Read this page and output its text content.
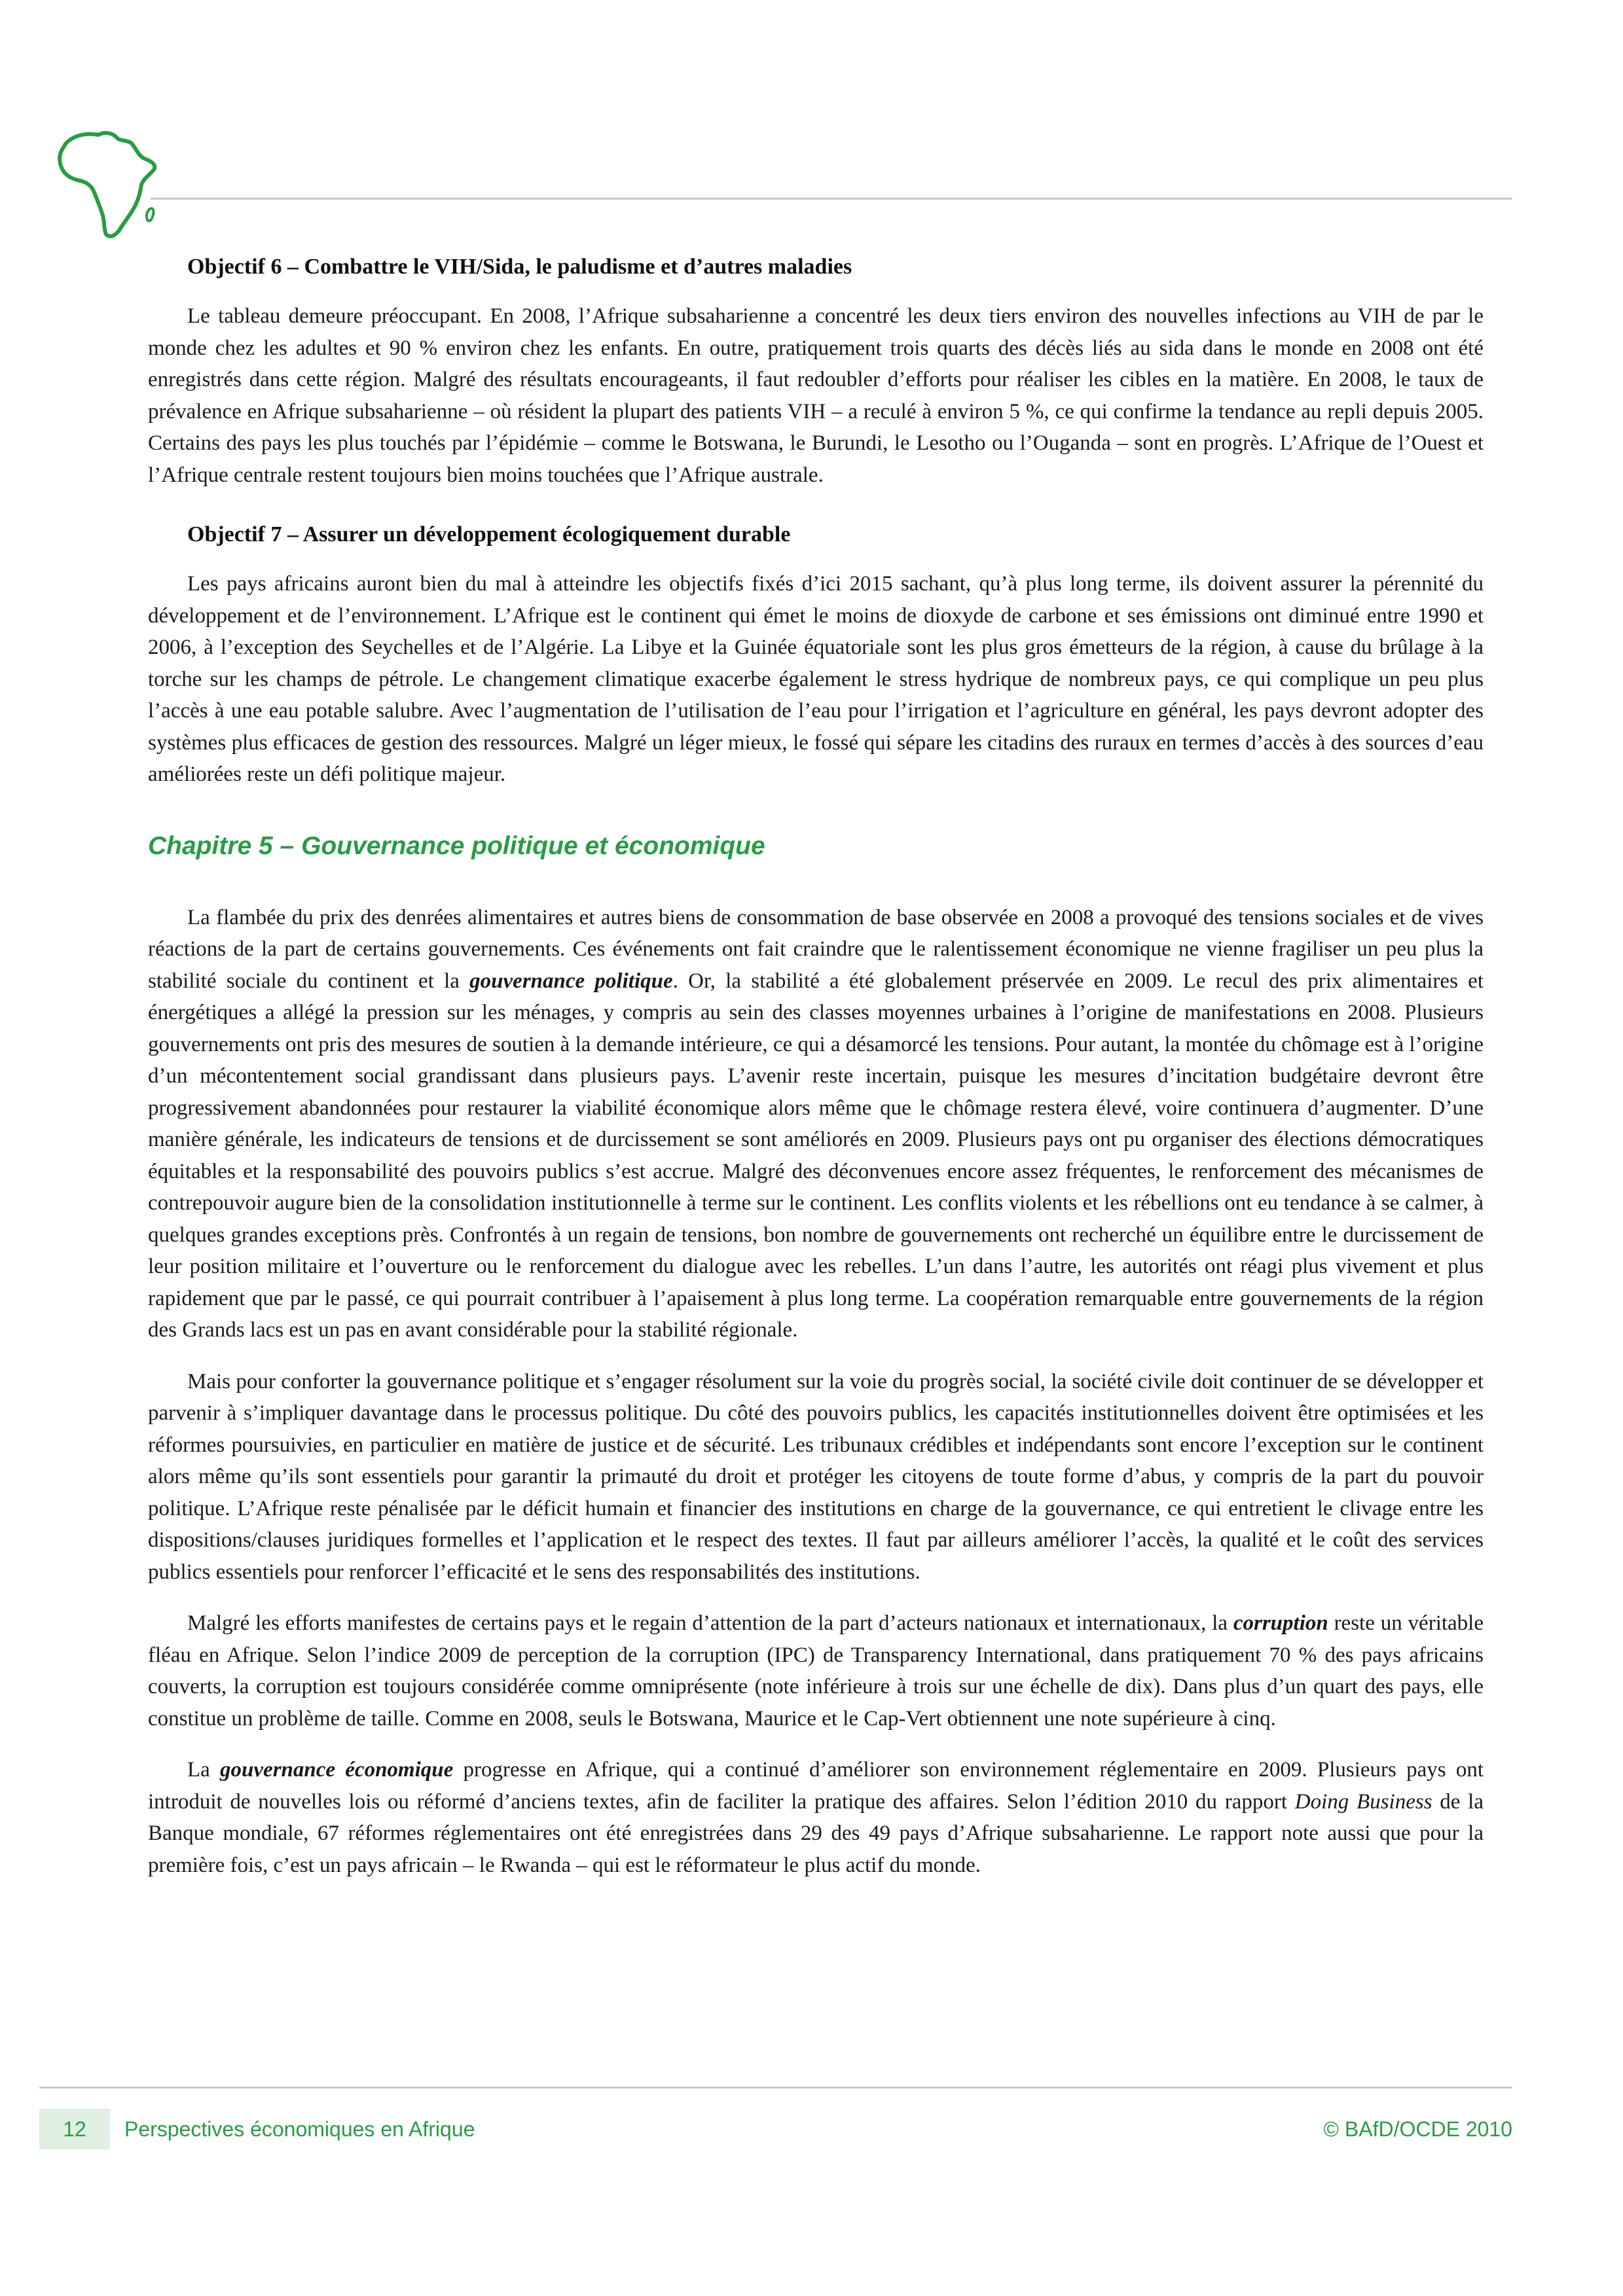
Objectif 6 – Combattre le VIH/Sida, le paludisme et d’autres maladies

Le tableau demeure préoccupant. En 2008, l’Afrique subsaharienne a concentré les deux tiers environ des nouvelles infections au VIH de par le monde chez les adultes et 90 % environ chez les enfants. En outre, pratiquement trois quarts des décès liés au sida dans le monde en 2008 ont été enregistrés dans cette région. Malgré des résultats encourageants, il faut redoubler d’efforts pour réaliser les cibles en la matière. En 2008, le taux de prévalence en Afrique subsaharienne – où résident la plupart des patients VIH – a reculé à environ 5 %, ce qui confirme la tendance au repli depuis 2005. Certains des pays les plus touchés par l’épidémie – comme le Botswana, le Burundi, le Lesotho ou l’Ouganda – sont en progrès. L’Afrique de l’Ouest et l’Afrique centrale restent toujours bien moins touchées que l’Afrique australe.

Objectif 7 – Assurer un développement écologiquement durable

Les pays africains auront bien du mal à atteindre les objectifs fixés d’ici 2015 sachant, qu’à plus long terme, ils doivent assurer la pérennité du développement et de l’environnement. L’Afrique est le continent qui émet le moins de dioxyde de carbone et ses émissions ont diminué entre 1990 et 2006, à l’exception des Seychelles et de l’Algérie. La Libye et la Guinée équatoriale sont les plus gros émetteurs de la région, à cause du brûlage à la torche sur les champs de pétrole. Le changement climatique exacerbe également le stress hydrique de nombreux pays, ce qui complique un peu plus l’accès à une eau potable salubre. Avec l’augmentation de l’utilisation de l’eau pour l’irrigation et l’agriculture en général, les pays devront adopter des systèmes plus efficaces de gestion des ressources. Malgré un léger mieux, le fossé qui sépare les citadins des ruraux en termes d’accès à des sources d’eau améliorées reste un défi politique majeur.

Chapitre 5 – Gouvernance politique et économique

La flambée du prix des denrées alimentaires et autres biens de consommation de base observée en 2008 a provoqué des tensions sociales et de vives réactions de la part de certains gouvernements. Ces événements ont fait craindre que le ralentissement économique ne vienne fragiliser un peu plus la stabilité sociale du continent et la gouvernance politique. Or, la stabilité a été globalement préservée en 2009. Le recul des prix alimentaires et énergétiques a allégé la pression sur les ménages, y compris au sein des classes moyennes urbaines à l’origine de manifestations en 2008. Plusieurs gouvernements ont pris des mesures de soutien à la demande intérieure, ce qui a désamorcé les tensions. Pour autant, la montée du chômage est à l’origine d’un mécontentement social grandissant dans plusieurs pays. L’avenir reste incertain, puisque les mesures d’incitation budgétaire devront être progressivement abandonnées pour restaurer la viabilité économique alors même que le chômage restera élevé, voire continuera d’augmenter. D’une manière générale, les indicateurs de tensions et de durcissement se sont améliorés en 2009. Plusieurs pays ont pu organiser des élections démocratiques équitables et la responsabilité des pouvoirs publics s’est accrue. Malgré des déconvenues encore assez fréquentes, le renforcement des mécanismes de contrepouvoir augure bien de la consolidation institutionnelle à terme sur le continent. Les conflits violents et les rébellions ont eu tendance à se calmer, à quelques grandes exceptions près. Confrontés à un regain de tensions, bon nombre de gouvernements ont recherché un équilibre entre le durcissement de leur position militaire et l’ouverture ou le renforcement du dialogue avec les rebelles. L’un dans l’autre, les autorités ont réagi plus vivement et plus rapidement que par le passé, ce qui pourrait contribuer à l’apaisement à plus long terme. La coopération remarquable entre gouvernements de la région des Grands lacs est un pas en avant considérable pour la stabilité régionale.

Mais pour conforter la gouvernance politique et s’engager résolument sur la voie du progrès social, la société civile doit continuer de se développer et parvenir à s’impliquer davantage dans le processus politique. Du côté des pouvoirs publics, les capacités institutionnelles doivent être optimisées et les réformes poursuivies, en particulier en matière de justice et de sécurité. Les tribunaux crédibles et indépendants sont encore l’exception sur le continent alors même qu’ils sont essentiels pour garantir la primauté du droit et protéger les citoyens de toute forme d’abus, y compris de la part du pouvoir politique. L’Afrique reste pénalisée par le déficit humain et financier des institutions en charge de la gouvernance, ce qui entretient le clivage entre les dispositions/clauses juridiques formelles et l’application et le respect des textes. Il faut par ailleurs améliorer l’accès, la qualité et le coût des services publics essentiels pour renforcer l’efficacité et le sens des responsabilités des institutions.

Malgré les efforts manifestes de certains pays et le regain d’attention de la part d’acteurs nationaux et internationaux, la corruption reste un véritable fléau en Afrique. Selon l’indice 2009 de perception de la corruption (IPC) de Transparency International, dans pratiquement 70 % des pays africains couverts, la corruption est toujours considérée comme omniprésente (note inférieure à trois sur une échelle de dix). Dans plus d’un quart des pays, elle constitue un problème de taille. Comme en 2008, seuls le Botswana, Maurice et le Cap-Vert obtiennent une note supérieure à cinq.

La gouvernance économique progresse en Afrique, qui a continué d’améliorer son environnement réglementaire en 2009. Plusieurs pays ont introduit de nouvelles lois ou réformé d’anciens textes, afin de faciliter la pratique des affaires. Selon l’édition 2010 du rapport Doing Business de la Banque mondiale, 67 réformes réglementaires ont été enregistrées dans 29 des 49 pays d’Afrique subsaharienne. Le rapport note aussi que pour la première fois, c’est un pays africain – le Rwanda – qui est le réformateur le plus actif du monde.

12	Perspectives économiques en Afrique	© BAfD/OCDE 2010
